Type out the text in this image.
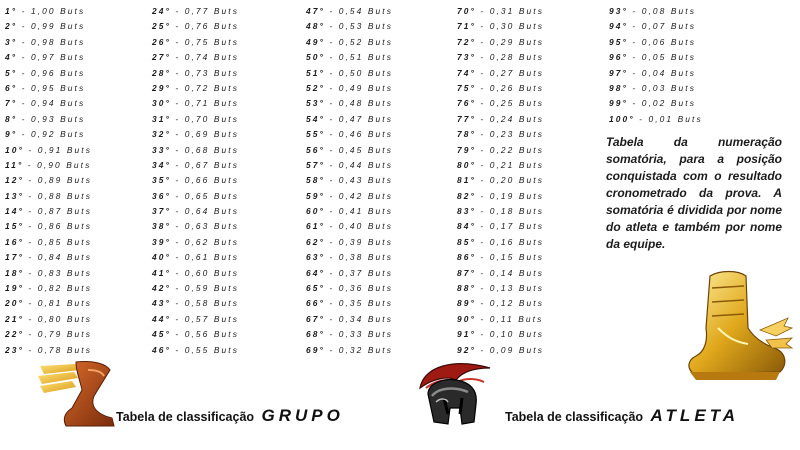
1° - 1,00 Buts
2° - 0,99 Buts
3° - 0,98 Buts
4° - 0,97 Buts
5° - 0,96 Buts
6° - 0,95 Buts
7° - 0,94 Buts
8° - 0,93 Buts
9° - 0,92 Buts
10° - 0,91 Buts
11° - 0,90 Buts
12° - 0,89 Buts
13° - 0,88 Buts
14° - 0,87 Buts
15° - 0,86 Buts
16° - 0,85 Buts
17° - 0,84 Buts
18° - 0,83 Buts
19° - 0,82 Buts
20° - 0,81 Buts
21° - 0,80 Buts
22° - 0,79 Buts
23° - 0,78 Buts
24° - 0,77 Buts
25° - 0,76 Buts
26° - 0,75 Buts
27° - 0,74 Buts
28° - 0,73 Buts
29° - 0,72 Buts
30° - 0,71 Buts
31° - 0,70 Buts
32° - 0,69 Buts
33° - 0,68 Buts
34° - 0,67 Buts
35° - 0,66 Buts
36° - 0,65 Buts
37° - 0,64 Buts
38° - 0,63 Buts
39° - 0,62 Buts
40° - 0,61 Buts
41° - 0,60 Buts
42° - 0,59 Buts
43° - 0,58 Buts
44° - 0,57 Buts
45° - 0,56 Buts
46° - 0,55 Buts
47° - 0,54 Buts
48° - 0,53 Buts
49° - 0,52 Buts
50° - 0,51 Buts
51° - 0,50 Buts
52° - 0,49 Buts
53° - 0,48 Buts
54° - 0,47 Buts
55° - 0,46 Buts
56° - 0,45 Buts
57° - 0,44 Buts
58° - 0,43 Buts
59° - 0,42 Buts
60° - 0,41 Buts
61° - 0,40 Buts
62° - 0,39 Buts
63° - 0,38 Buts
64° - 0,37 Buts
65° - 0,36 Buts
66° - 0,35 Buts
67° - 0,34 Buts
68° - 0,33 Buts
69° - 0,32 Buts
70° - 0,31 Buts
71° - 0,30 Buts
72° - 0,29 Buts
73° - 0,28 Buts
74° - 0,27 Buts
75° - 0,26 Buts
76° - 0,25 Buts
77° - 0,24 Buts
78° - 0,23 Buts
79° - 0,22 Buts
80° - 0,21 Buts
81° - 0,20 Buts
82° - 0,19 Buts
83° - 0,18 Buts
84° - 0,17 Buts
85° - 0,16 Buts
86° - 0,15 Buts
87° - 0,14 Buts
88° - 0,13 Buts
89° - 0,12 Buts
90° - 0,11 Buts
91° - 0,10 Buts
92° - 0,09 Buts
93° - 0,08 Buts
94° - 0,07 Buts
95° - 0,06 Buts
96° - 0,05 Buts
97° - 0,04 Buts
98° - 0,03 Buts
99° - 0,02 Buts
100° - 0,01 Buts
Tabela da numeração somatória, para a posição conquistada com o resultado cronometrado da prova. A somatória é dividida por nome do atleta e também por nome da equipe.
Tabela de classificação GRUPO	Tabela de classificação ATLETA
